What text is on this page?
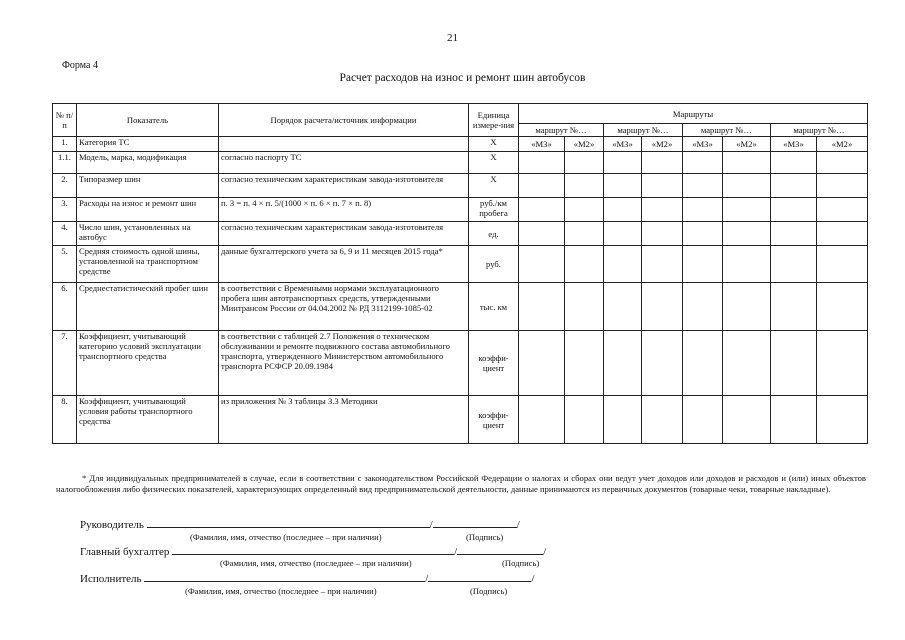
21
Форма 4
Расчет расходов на износ и ремонт шин автобусов
№ п/п	Показатель	Порядок расчета/источник информации	Единица измере-ния	Маршруты							
				маршрут №…		маршрут №…		маршрут №…		маршрут №…	

1.	Категория ТС		Х	«М3»	«М2»	«М3»	«М2»	«М3»	«М2»	«М3»	«М2»
1.1.	Модель, марка, модификация	согласно паспорту ТС	Х								
2.	Типоразмер шин	согласно техническим характеристикам завода-изготовителя	Х								
3.	Расходы на износ и ремонт шин	п. 3 = п. 4 × п. 5/(1000 × п. 6 × п. 7 × п. 8)	руб./км пробега								
4.	Число шин, установленных на автобус	согласно техническим характеристикам завода-изготовителя	ед.								
5.	Средняя стоимость одной шины, установленной на транспортном средстве	данные бухгалтерского учета за 6, 9 и 11 месяцев 2015 года*	руб.								
6.	Среднестатистический пробег шин	в соответствии с Временными нормами эксплуатационного пробега шин автотранспортных средств, утвержденными Минтрансом России от 04.04.2002 № РД 3112199-1085-02	тыс. км								
7.	Коэффициент, учитывающий категорию условий эксплуатации транспортного средства	в соответствии с таблицей 2.7 Положения о техническом обслуживании и ремонте подвижного состава автомобильного транспорта, утвержденного Министерством автомобильного транспорта РСФСР 20.09.1984	коэффи-циент								
8.	Коэффициент, учитывающий условия работы транспортного средства	из приложения № 3 таблицы 3.3 Методики	коэффи-циент								
* Для индивидуальных предпринимателей в случае, если в соответствии с законодательством Российской Федерации о налогах и сборах они ведут учет доходов или доходов и расходов и (или) иных объектов налогообложения либо физических показателей, характеризующих определенный вид предпринимательской деятельности, данные принимаются из первичных документов (товарные чеки, товарные накладные).
Руководитель	/	/
(Фамилия, имя, отчество (последнее – при наличии)	(Подпись)
Главный бухгалтер	/	/
(Фамилия, имя, отчество (последнее – при наличии)	(Подпись)
Исполнитель	/	/
(Фамилия, имя, отчество (последнее – при наличии)	(Подпись)
